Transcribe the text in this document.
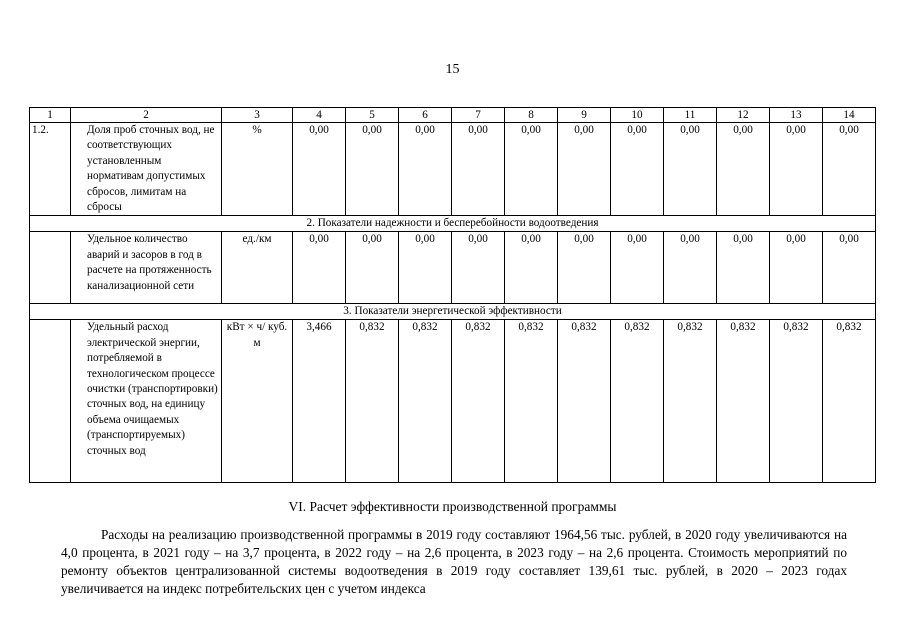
15
1	2	3	4	5	6	7	8	9	10	11	12	13	14
1.2.	Доля проб сточных вод, не соответствующих установленным нормативам допустимых сбросов, лимитам на сбросы	%	0,00	0,00	0,00	0,00	0,00	0,00	0,00	0,00	0,00	0,00	0,00
2. Показатели надежности и бесперебойности водоотведения													
	Удельное количество аварий и засоров в год в расчете на протяженность канализационной сети	ед./км	0,00	0,00	0,00	0,00	0,00	0,00	0,00	0,00	0,00	0,00	0,00
3. Показатели энергетической эффективности													
	Удельный расход электрической энергии, потребляемой в технологическом процессе очистки (транспортировки) сточных вод, на единицу объема очищаемых (транспортируемых) сточных вод	кВт × ч/ куб. м	3,466	0,832	0,832	0,832	0,832	0,832	0,832	0,832	0,832	0,832	0,832
VI. Расчет эффективности производственной программы

Расходы на реализацию производственной программы в 2019 году составляют 1964,56 тыс. рублей, в 2020 году увеличиваются на 4,0 процента, в 2021 году – на 3,7 процента, в 2022 году – на 2,6 процента, в 2023 году – на 2,6 процента. Стоимость мероприятий по ремонту объектов централизованной системы водоотведения в 2019 году составляет 139,61 тыс. рублей, в 2020 – 2023 годах увеличивается на индекс потребительских цен с учетом индекса
